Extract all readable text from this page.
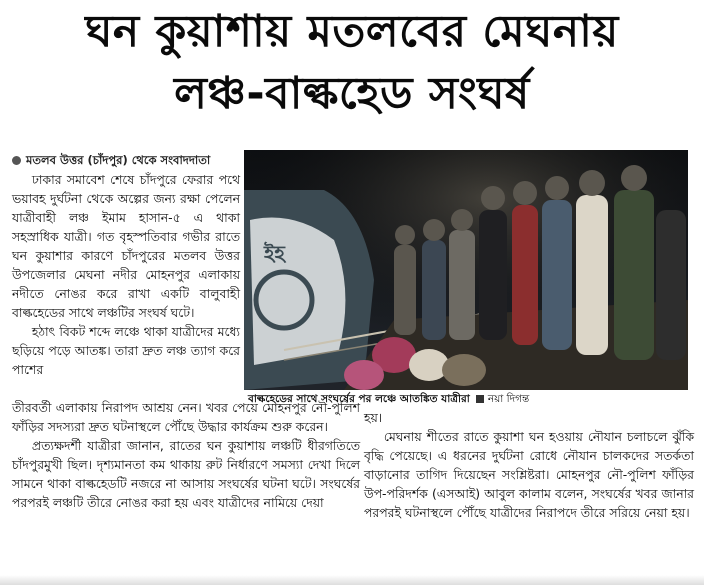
ঘন কুয়াশায় মতলবের মেঘনায়
লঞ্চ-বাল্কহেড সংঘর্ষ
মতলব উত্তর (চাঁদপুর) থেকে সংবাদদাতা

ঢাকার সমাবেশ শেষে চাঁদপুরে ফেরার পথে ভয়াবহ দুর্ঘটনা থেকে অল্পের জন্য রক্ষা পেলেন যাত্রীবাহী লঞ্চ ইমাম হাসান-৫ এ থাকা সহস্রাধিক যাত্রী। গত বৃহস্পতিবার গভীর রাতে ঘন কুয়াশার কারণে চাঁদপুরের মতলব উত্তর উপজেলার মেঘনা নদীর মোহনপুর এলাকায় নদীতে নোঙর করে রাখা একটি বালুবাহী বাল্কহেডের সাথে লঞ্চটির সংঘর্ষ ঘটে।

হঠাৎ বিকট শব্দে লঞ্চে থাকা যাত্রীদের মধ্যে ছড়িয়ে পড়ে আতঙ্ক। তারা দ্রুত লঞ্চ ত্যাগ করে পাশের

তীরবর্তী এলাকায় নিরাপদ আশ্রয় নেন। খবর পেয়ে মোহনপুর নৌ-পুলিশ ফাঁড়ির সদস্যরা দ্রুত ঘটনাস্থলে পৌঁছে উদ্ধার কার্যক্রম শুরু করেন।

প্রত্যক্ষদর্শী যাত্রীরা জানান, রাতের ঘন কুয়াশায় লঞ্চটি ধীরগতিতে চাঁদপুরমুখী ছিল। দৃশ্যমানতা কম থাকায় রুট নির্ধারণে সমস্যা দেখা দিলে সামনে থাকা বাল্কহেডটি নজরে না আসায় সংঘর্ষের ঘটনা ঘটে। সংঘর্ষের পরপরই লঞ্চটি তীরে নোঙর করা হয় এবং যাত্রীদের নামিয়ে দেয়া

হয়।

মেঘনায় শীতের রাতে কুয়াশা ঘন হওয়ায় নৌযান চলাচলে ঝুঁকি বৃদ্ধি পেয়েছে। এ ধরনের দুর্ঘটনা রোধে নৌযান চালকদের সতর্কতা বাড়ানোর তাগিদ দিয়েছেন সংশ্লিষ্টরা। মোহনপুর নৌ-পুলিশ ফাঁড়ির উপ-পরিদর্শক (এসআই) আবুল কালাম বলেন, সংঘর্ষের খবর জানার পরপরই ঘটনাস্থলে পৌঁছে যাত্রীদের নিরাপদে তীরে সরিয়ে নেয়া হয়।

ইহ
বাল্কহেডের সাথে সংঘর্ষের পর লঞ্চে আতঙ্কিত যাত্রীরা নয়া দিগন্ত
